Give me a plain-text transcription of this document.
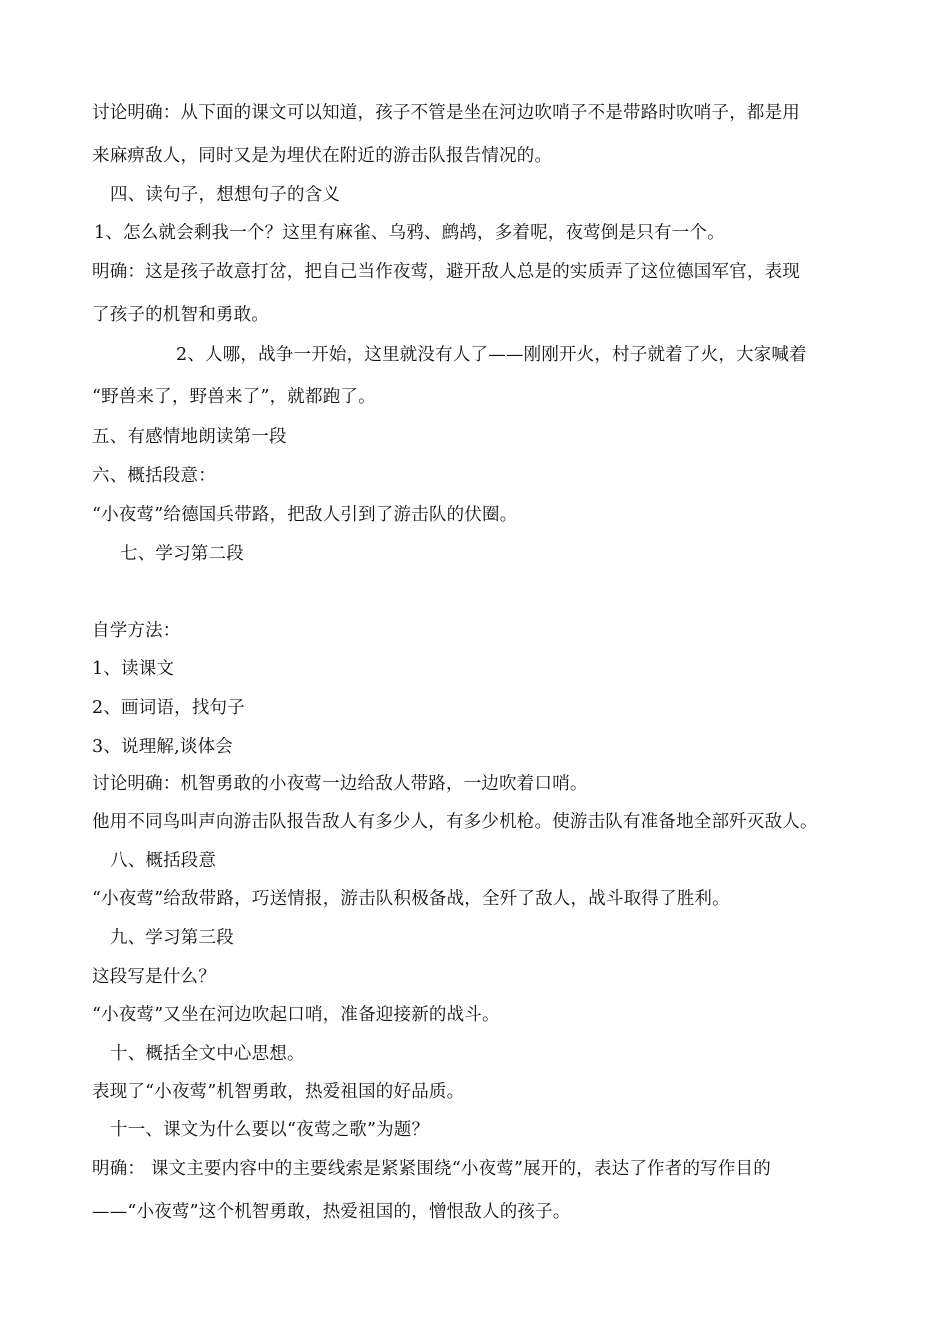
讨论明确：从下面的课文可以知道，孩子不管是坐在河边吹哨子不是带路时吹哨子，都是用
来麻痹敌人，同时又是为埋伏在附近的游击队报告情况的。
四、读句子，想想句子的含义
1、怎么就会剩我一个？这里有麻雀、乌鸦、鹧鸪，多着呢，夜莺倒是只有一个。
明确：这是孩子故意打岔，把自己当作夜莺，避开敌人总是的实质弄了这位德国军官，表现
了孩子的机智和勇敢。
2、人哪，战争一开始，这里就没有人了——刚刚开火，村子就着了火，大家喊着
“野兽来了，野兽来了”，就都跑了。
五、有感情地朗读第一段
六、概括段意：
“小夜莺”给德国兵带路，把敌人引到了游击队的伏圈。
七、学习第二段
自学方法：
1、读课文
2、画词语，找句子
3、说理解,谈体会
讨论明确：机智勇敢的小夜莺一边给敌人带路，一边吹着口哨。
他用不同鸟叫声向游击队报告敌人有多少人，有多少机枪。使游击队有准备地全部歼灭敌人。
八、概括段意
“小夜莺”给敌带路，巧送情报，游击队积极备战，全歼了敌人，战斗取得了胜利。
九、学习第三段
这段写是什么？
“小夜莺”又坐在河边吹起口哨，准备迎接新的战斗。
十、概括全文中心思想。
表现了“小夜莺”机智勇敢，热爱祖国的好品质。
十一、课文为什么要以“夜莺之歌”为题？
明确： 课文主要内容中的主要线索是紧紧围绕“小夜莺”展开的，表达了作者的写作目的
——“小夜莺”这个机智勇敢，热爱祖国的，憎恨敌人的孩子。
